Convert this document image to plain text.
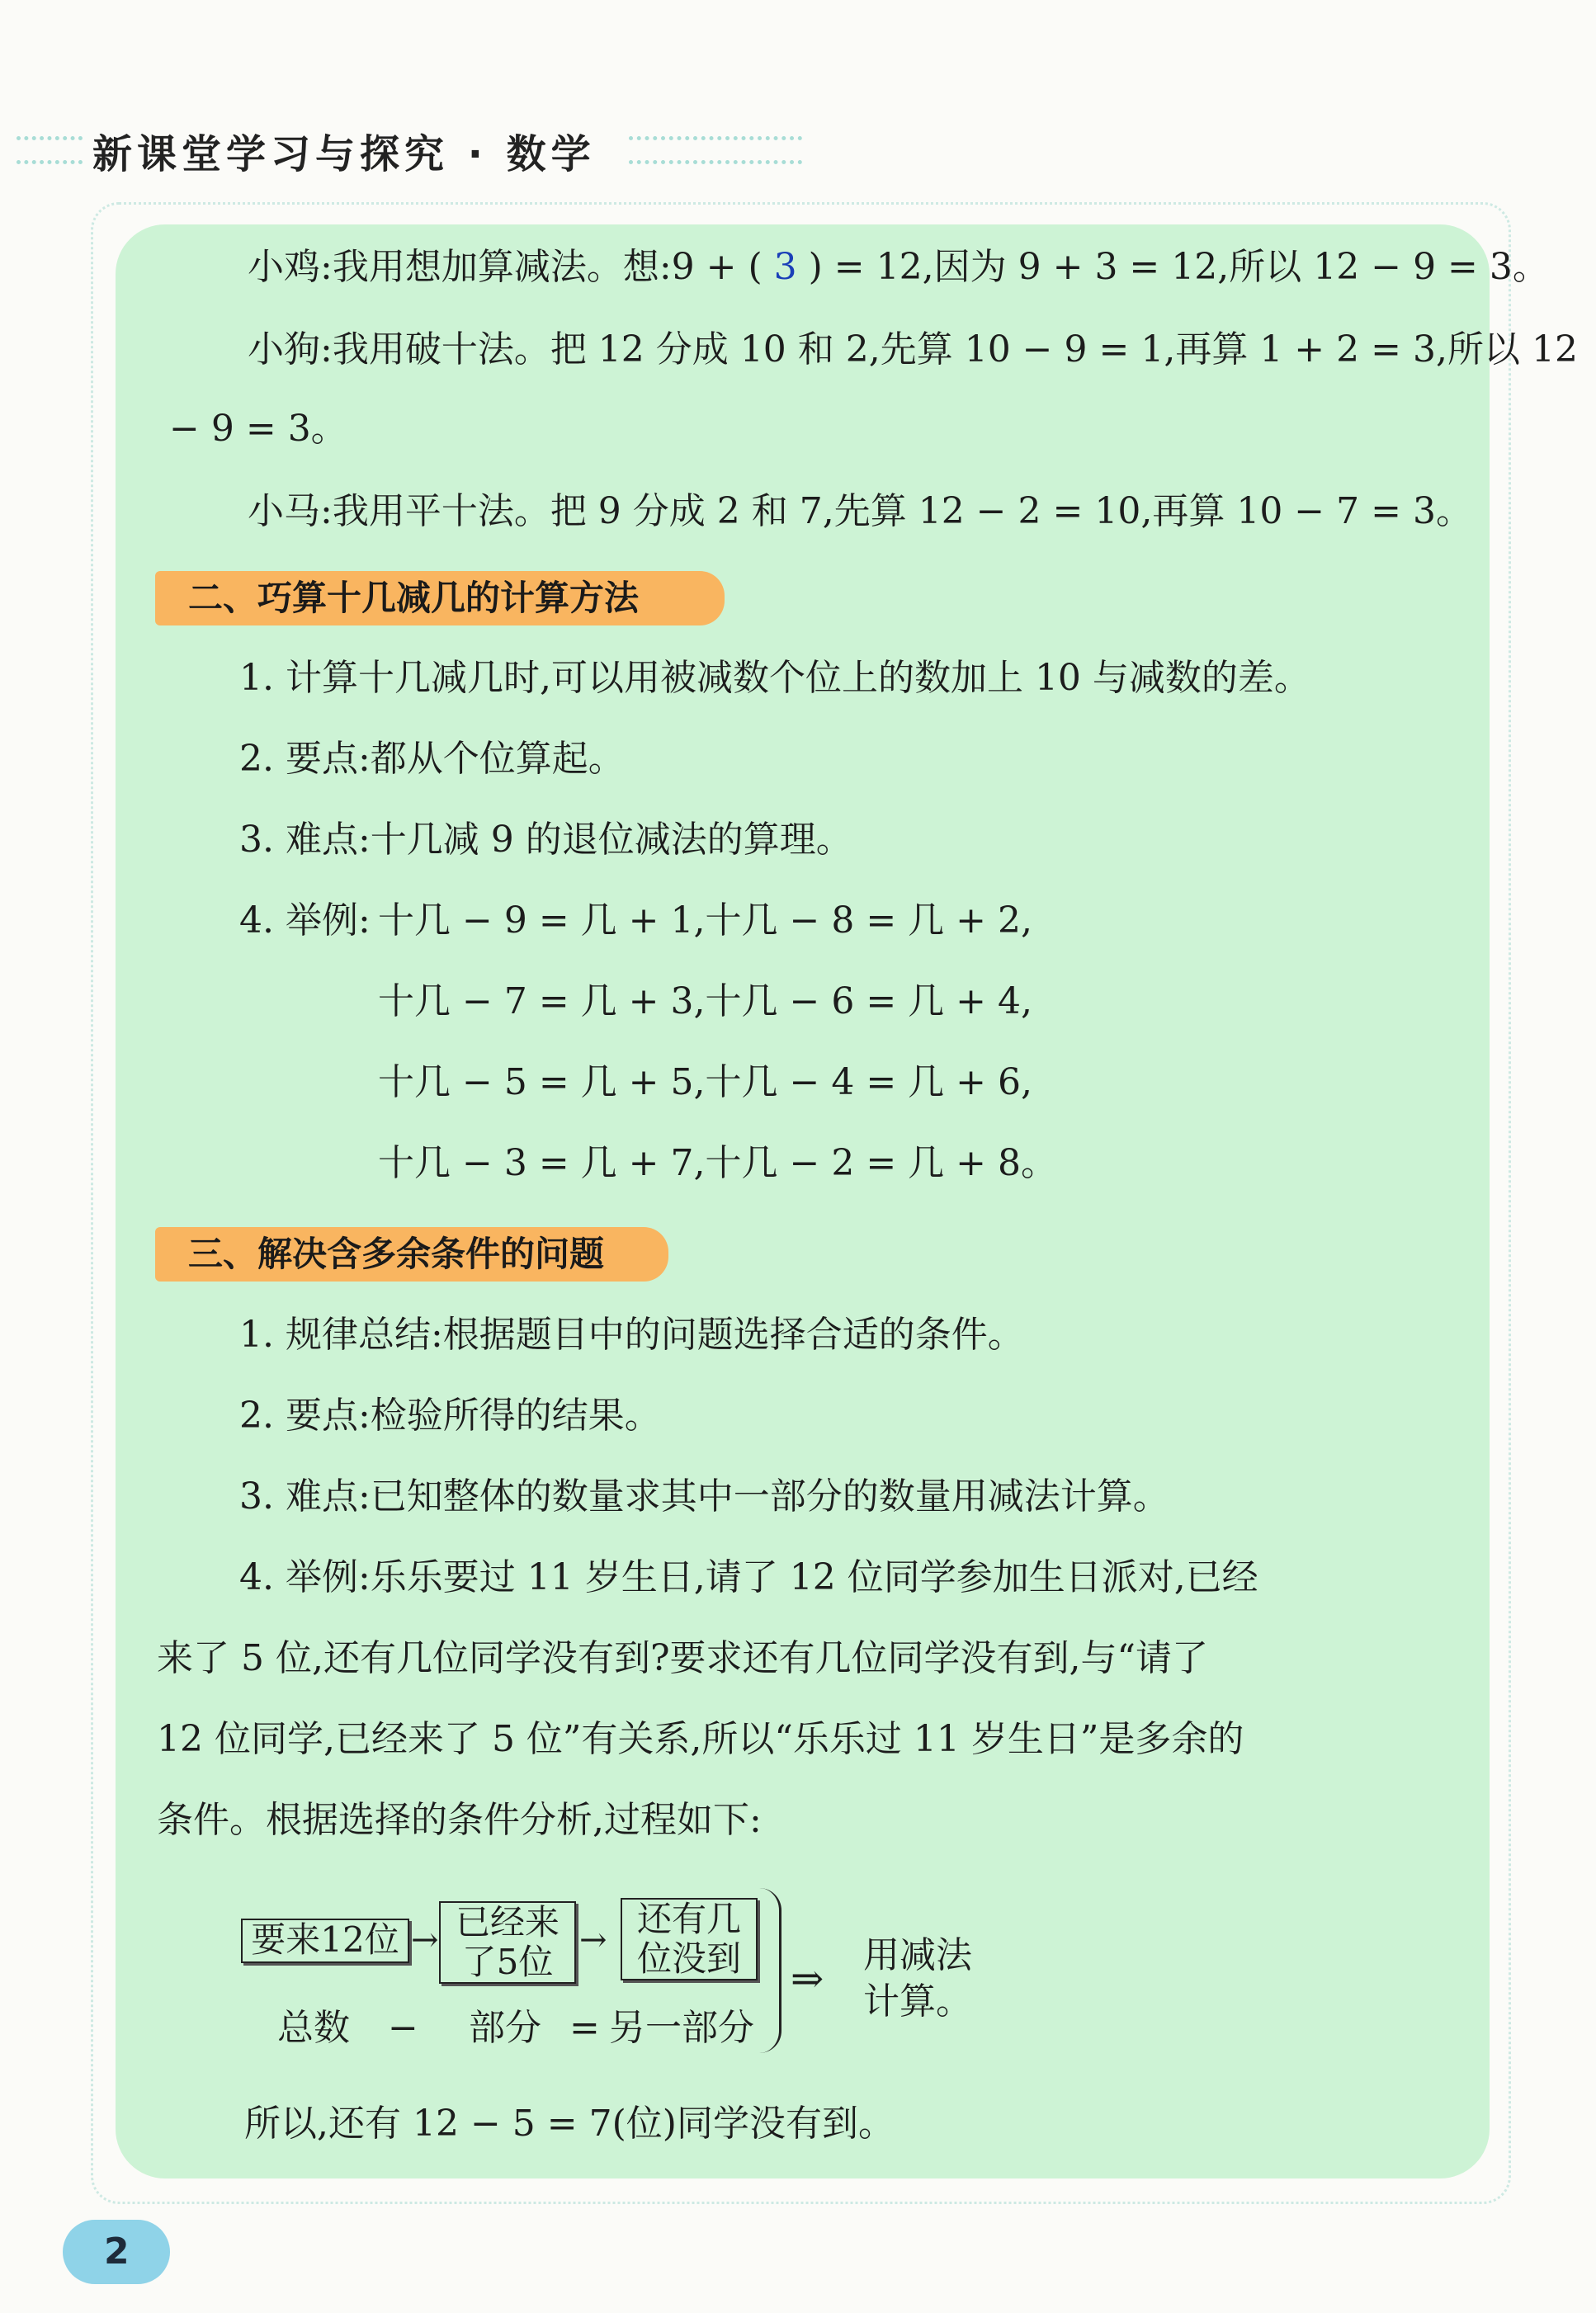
新课堂学习与探究 · 数学
小鸡:我用想加算减法。想:9 + ( 3 ) = 12,因为 9 + 3 = 12,所以 12 − 9 = 3。
小狗:我用破十法。把 12 分成 10 和 2,先算 10 − 9 = 1,再算 1 + 2 = 3,所以 12
− 9 = 3。
小马:我用平十法。把 9 分成 2 和 7,先算 12 − 2 = 10,再算 10 − 7 = 3。
二、巧算十几减几的计算方法
1. 计算十几减几时,可以用被减数个位上的数加上 10 与减数的差。
2. 要点:都从个位算起。
3. 难点:十几减 9 的退位减法的算理。
4. 举例: 十几 − 9 = 几 + 1,十几 − 8 = 几 + 2,
十几 − 7 = 几 + 3,十几 − 6 = 几 + 4,
十几 − 5 = 几 + 5,十几 − 4 = 几 + 6,
十几 − 3 = 几 + 7,十几 − 2 = 几 + 8。
三、解决含多余条件的问题
1. 规律总结:根据题目中的问题选择合适的条件。
2. 要点:检验所得的结果。
3. 难点:已知整体的数量求其中一部分的数量用减法计算。
4. 举例:乐乐要过 11 岁生日,请了 12 位同学参加生日派对,已经
来了 5 位,还有几位同学没有到?要求还有几位同学没有到,与“请了
12 位同学,已经来了 5 位”有关系,所以“乐乐过 11 岁生日”是多余的
条件。根据选择的条件分析,过程如下:
要来12位 → 已经来
了5位
→
还有几
位没到	⇒
用减法
计算。
总数 − 部分 = 另一部分
所以,还有 12 − 5 = 7(位)同学没有到。
2
